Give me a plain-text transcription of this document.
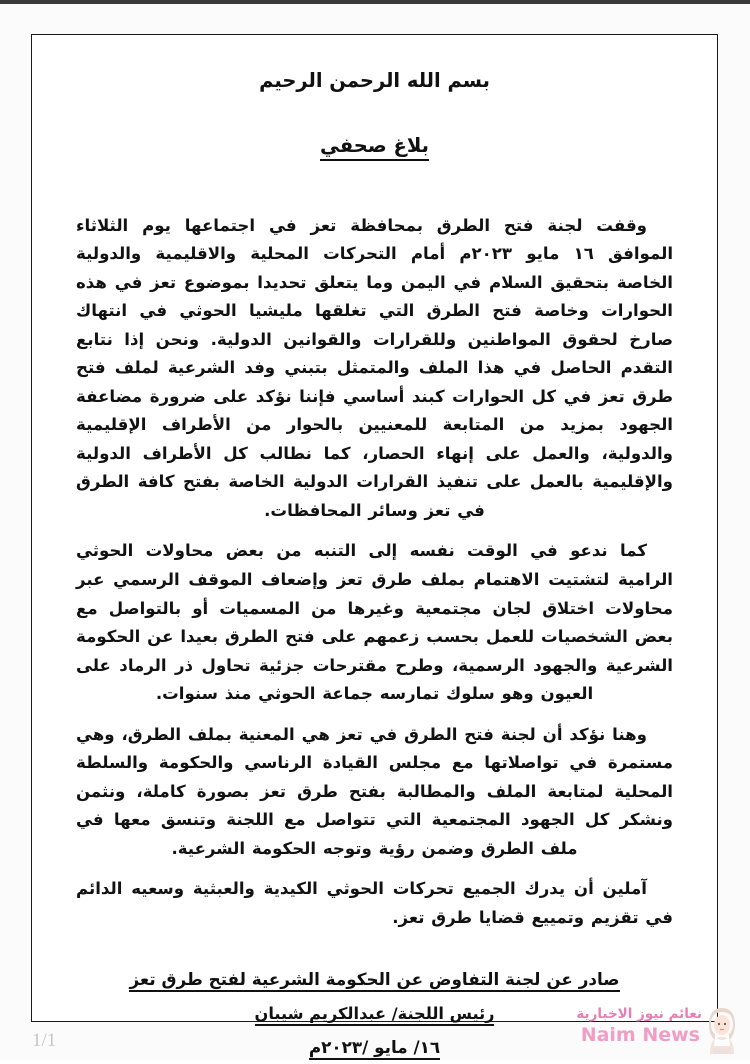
بسم الله الرحمن الرحيم
بلاغ صحفي

وقفت لجنة فتح الطرق بمحافظة تعز في اجتماعها يوم الثلاثاء الموافق ١٦ مايو ٢٠٢٣م أمام التحركات المحلية والاقليمية والدولية الخاصة بتحقيق السلام في اليمن وما يتعلق تحديدا بموضوع تعز في هذه الحوارات وخاصة فتح الطرق التي تغلقها مليشيا الحوثي في انتهاك صارخ لحقوق المواطنين وللقرارات والقوانين الدولية. ونحن إذا نتابع التقدم الحاصل في هذا الملف والمتمثل بتبني وفد الشرعية لملف فتح طرق تعز في كل الحوارات كبند أساسي فإننا نؤكد على ضرورة مضاعفة الجهود بمزيد من المتابعة للمعنيين بالحوار من الأطراف الإقليمية والدولية، والعمل على إنهاء الحصار، كما نطالب كل الأطراف الدولية والإقليمية بالعمل على تنفيذ القرارات الدولية الخاصة بفتح كافة الطرق في تعز وسائر المحافظات.

كما ندعو في الوقت نفسه إلى التنبه من بعض محاولات الحوثي الرامية لتشتيت الاهتمام بملف طرق تعز وإضعاف الموقف الرسمي عبر محاولات اختلاق لجان مجتمعية وغيرها من المسميات أو بالتواصل مع بعض الشخصيات للعمل بحسب زعمهم على فتح الطرق بعيدا عن الحكومة الشرعية والجهود الرسمية، وطرح مقترحات جزئية تحاول ذر الرماد على العيون وهو سلوك تمارسه جماعة الحوثي منذ سنوات.

وهنا نؤكد أن لجنة فتح الطرق في تعز هي المعنية بملف الطرق، وهي مستمرة في تواصلاتها مع مجلس القيادة الرناسي والحكومة والسلطة المحلية لمتابعة الملف والمطالبة بفتح طرق تعز بصورة كاملة، ونثمن ونشكر كل الجهود المجتمعية التي تتواصل مع اللجنة وتنسق معها في ملف الطرق وضمن رؤية وتوجه الحكومة الشرعية.

آملين أن يدرك الجميع تحركات الحوثي الكيدية والعبثية وسعيه الدائم في تقزيم وتمييع قضايا طرق تعز.

صادر عن لجنة التفاوض عن الحكومة الشرعية لفتح طرق تعز
رئيس اللجنة/ عبدالكريم شيبان
١٦/ مايو /٢٠٢٣م
1/1
نعائم نيوز الاخبارية
Naim News
